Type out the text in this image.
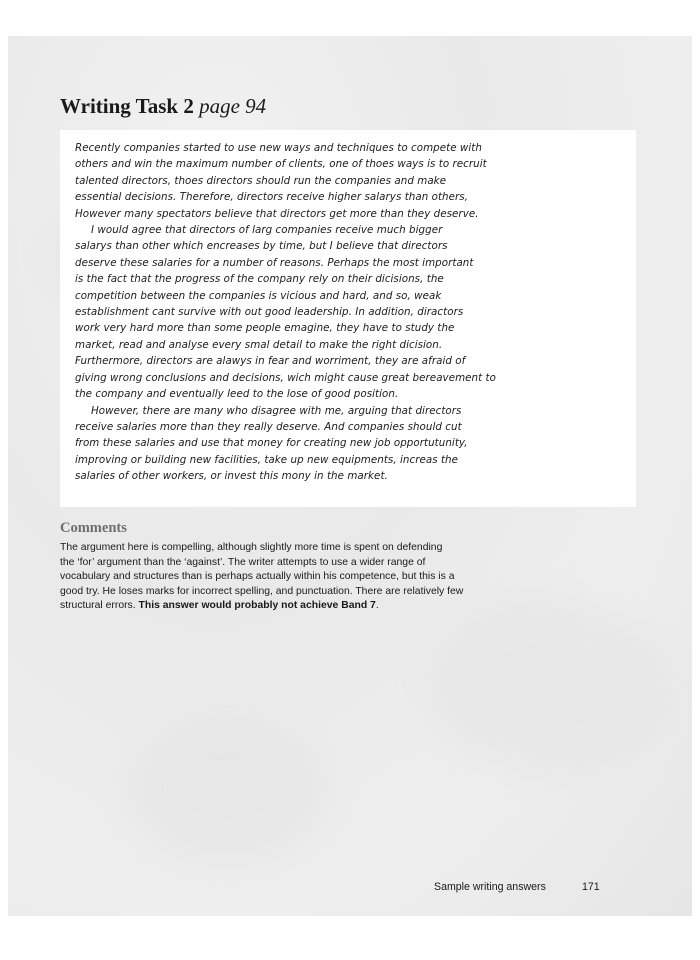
Writing Task 2 page 94
Recently companies started to use new ways and techniques to compete with
others and win the maximum number of clients, one of thoes ways is to recruit
talented directors, thoes directors should run the companies and make
essential decisions. Therefore, directors receive higher salarys than others,
However many spectators believe that directors get more than they deserve.
I would agree that directors of larg companies receive much bigger
salarys than other which encreases by time, but I believe that directors
deserve these salaries for a number of reasons. Perhaps the most important
is the fact that the progress of the company rely on their dicisions, the
competition between the companies is vicious and hard, and so, weak
establishment cant survive with out good leadership. In addition, diractors
work very hard more than some people emagine, they have to study the
market, read and analyse every smal detail to make the right dicision.
Furthermore, directors are alawys in fear and worriment, they are afraid of
giving wrong conclusions and decisions, wich might cause great bereavement to
the company and eventually leed to the lose of good position.
However, there are many who disagree with me, arguing that directors
receive salaries more than they really deserve. And companies should cut
from these salaries and use that money for creating new job opportutunity,
improving or building new facilities, take up new equipments, increas the
salaries of other workers, or invest this mony in the market.
Comments
The argument here is compelling, although slightly more time is spent on defending
the ‘for’ argument than the ‘against’. The writer attempts to use a wider range of
vocabulary and structures than is perhaps actually within his competence, but this is a
good try. He loses marks for incorrect spelling, and punctuation. There are relatively few
structural errors. This answer would probably not achieve Band 7.
Sample writing answers	171
